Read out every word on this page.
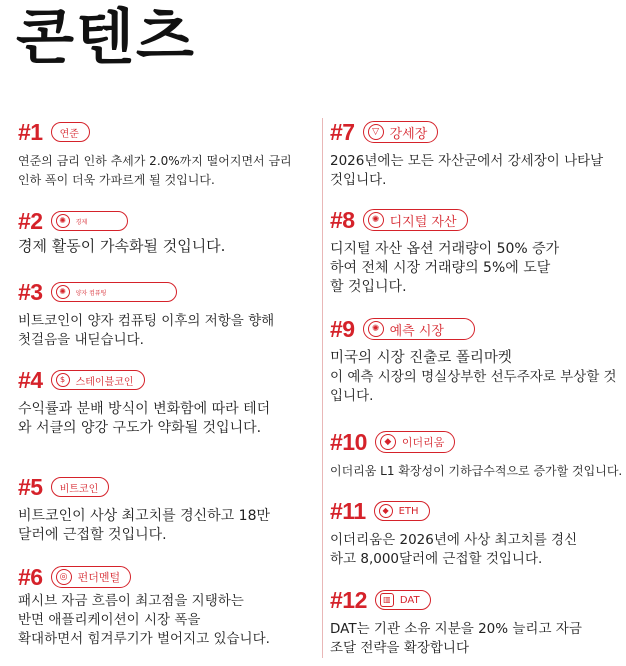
콘텐츠
#1 연준
연준의 금리 인하 추세가 2.0%까지 떨어지면서 금리
인하 폭이 더욱 가파르게 될 것입니다.
#2	✺	경제
경제 활동이 가속화될 것입니다.
#3	✺	양자 컴퓨팅
비트코인이 양자 컴퓨팅 이후의 저항을 향해
첫걸음을 내딛습니다.
#4	$	스테이블코인
수익률과 분배 방식이 변화함에 따라 테더
와 서클의 양강 구도가 약화될 것입니다.
#5 비트코인
비트코인이 사상 최고치를 경신하고 18만
달러에 근접할 것입니다.
#6	◎ 펀더멘털
패시브 자금 흐름이 최고점을 지탱하는
반면 애플리케이션이 시장 폭을
확대하면서 힘겨루기가 벌어지고 있습니다.
#7	▽ 강세장
2026년에는 모든 자산군에서 강세장이 나타날
것입니다.
#8	✺ 디지털 자산
디지털 자산 옵션 거래량이 50% 증가
하여 전체 시장 거래량의 5%에 도달
할 것입니다.
#9	✺ 예측 시장
미국의 시장 진출로 폴리마켓
이 예측 시장의 명실상부한 선두주자로 부상할 것
입니다.
#10	◆ 이더리움
이더리움 L1 확장성이 기하급수적으로 증가할 것입니다.
#11	◆ ETH
이더리움은 2026년에 사상 최고치를 경신
하고 8,000달러에 근접할 것입니다.
#12	▥ DAT
DAT는 기관 소유 지분을 20% 늘리고 자금
조달 전략을 확장합니다
